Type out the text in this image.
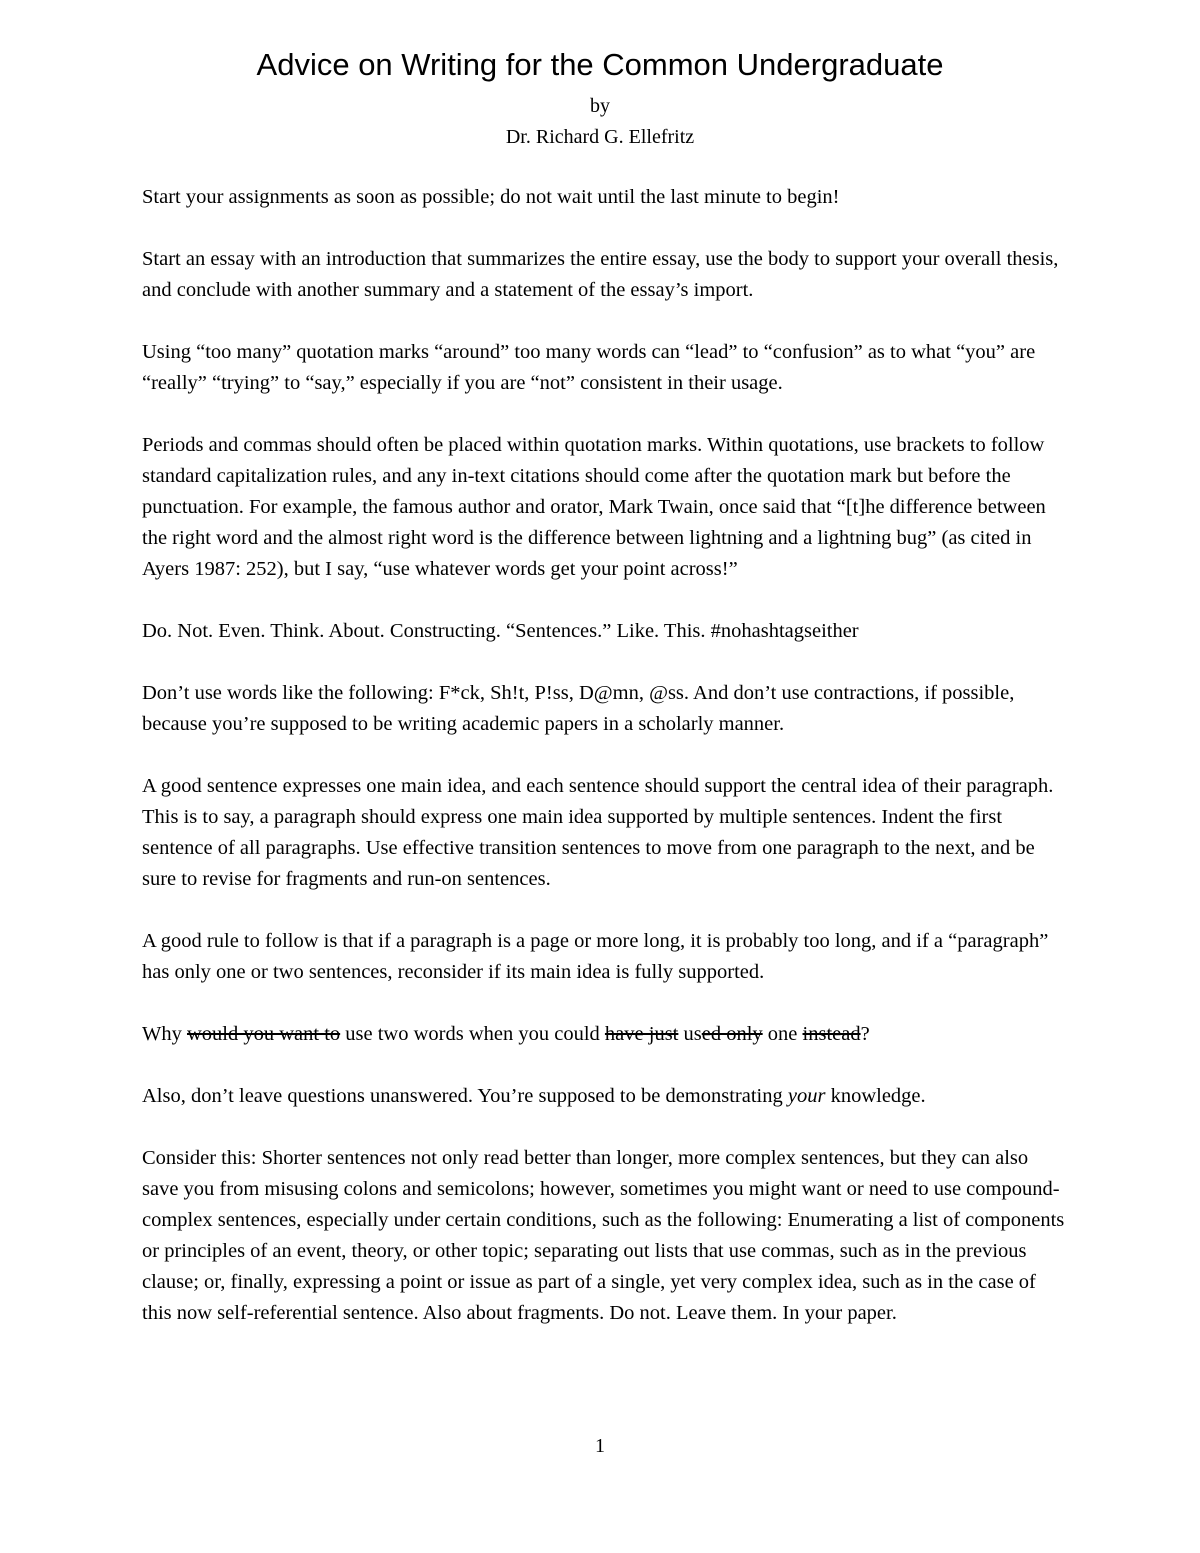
Advice on Writing for the Common Undergraduate
by
Dr. Richard G. Ellefritz

Start your assignments as soon as possible; do not wait until the last minute to begin!

Start an essay with an introduction that summarizes the entire essay, use the body to support your overall thesis, and conclude with another summary and a statement of the essay’s import.

Using “too many” quotation marks “around” too many words can “lead” to “confusion” as to what “you” are “really” “trying” to “say,” especially if you are “not” consistent in their usage.

Periods and commas should often be placed within quotation marks. Within quotations, use brackets to follow standard capitalization rules, and any in-text citations should come after the quotation mark but before the punctuation. For example, the famous author and orator, Mark Twain, once said that “[t]he difference between the right word and the almost right word is the difference between lightning and a lightning bug” (as cited in Ayers 1987: 252), but I say, “use whatever words get your point across!”

Do. Not. Even. Think. About. Constructing. “Sentences.” Like. This. #nohashtagseither

Don’t use words like the following: F*ck, Sh!t, P!ss, D@mn, @ss. And don’t use contractions, if possible, because you’re supposed to be writing academic papers in a scholarly manner.

A good sentence expresses one main idea, and each sentence should support the central idea of their paragraph. This is to say, a paragraph should express one main idea supported by multiple sentences. Indent the first sentence of all paragraphs. Use effective transition sentences to move from one paragraph to the next, and be sure to revise for fragments and run-on sentences.

A good rule to follow is that if a paragraph is a page or more long, it is probably too long, and if a “paragraph” has only one or two sentences, reconsider if its main idea is fully supported.

Why would you want to use two words when you could have just used only one instead?

Also, don’t leave questions unanswered. You’re supposed to be demonstrating your knowledge.

Consider this: Shorter sentences not only read better than longer, more complex sentences, but they can also save you from misusing colons and semicolons; however, sometimes you might want or need to use compound-complex sentences, especially under certain conditions, such as the following: Enumerating a list of components or principles of an event, theory, or other topic; separating out lists that use commas, such as in the previous clause; or, finally, expressing a point or issue as part of a single, yet very complex idea, such as in the case of this now self-referential sentence. Also about fragments. Do not. Leave them. In your paper.

1
